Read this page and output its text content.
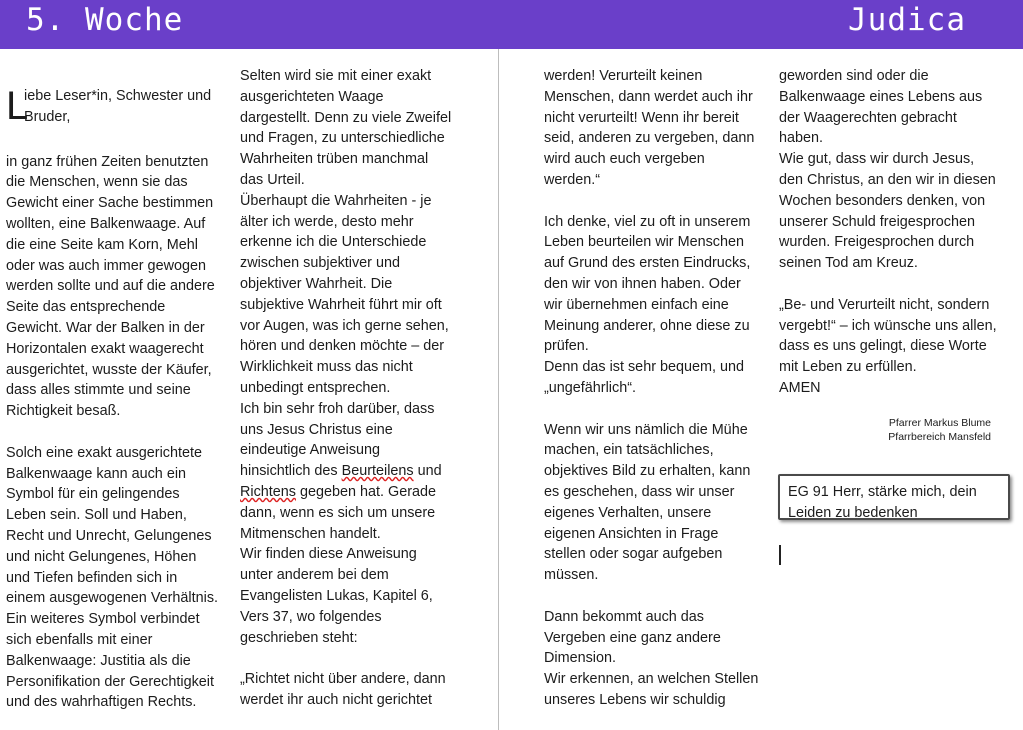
5. Woche	Judica
L
iebe Leser*in, Schwester und Bruder,

in ganz frühen Zeiten benutzten

die Menschen, wenn sie das

Gewicht einer Sache bestimmen

wollten, eine Balkenwaage. Auf

die eine Seite kam Korn, Mehl

oder was auch immer gewogen

werden sollte und auf die andere

Seite das entsprechende

Gewicht. War der Balken in der

Horizontalen exakt waagerecht

ausgerichtet, wusste der Käufer,

dass alles stimmte und seine

Richtigkeit besaß.

Solch eine exakt ausgerichtete

Balkenwaage kann auch ein

Symbol für ein gelingendes

Leben sein. Soll und Haben,

Recht und Unrecht, Gelungenes

und nicht Gelungenes, Höhen

und Tiefen befinden sich in

einem ausgewogenen Verhältnis.

Ein weiteres Symbol verbindet

sich ebenfalls mit einer

Balkenwaage: Justitia als die

Personifikation der Gerechtigkeit

und des wahrhaftigen Rechts.

Selten wird sie mit einer exakt

ausgerichteten Waage

dargestellt. Denn zu viele Zweifel

und Fragen, zu unterschiedliche

Wahrheiten trüben manchmal

das Urteil.

Überhaupt die Wahrheiten - je

älter ich werde, desto mehr

erkenne ich die Unterschiede

zwischen subjektiver und

objektiver Wahrheit. Die

subjektive Wahrheit führt mir oft

vor Augen, was ich gerne sehen,

hören und denken möchte – der

Wirklichkeit muss das nicht

unbedingt entsprechen.

Ich bin sehr froh darüber, dass

uns Jesus Christus eine

eindeutige Anweisung

hinsichtlich des Beurteilens und

Richtens gegeben hat. Gerade

dann, wenn es sich um unsere

Mitmenschen handelt.

Wir finden diese Anweisung

unter anderem bei dem

Evangelisten Lukas, Kapitel 6,

Vers 37, wo folgendes

geschrieben steht:

„Richtet nicht über andere, dann

werdet ihr auch nicht gerichtet

werden! Verurteilt keinen

Menschen, dann werdet auch ihr

nicht verurteilt! Wenn ihr bereit

seid, anderen zu vergeben, dann

wird auch euch vergeben

werden.“

Ich denke, viel zu oft in unserem

Leben beurteilen wir Menschen

auf Grund des ersten Eindrucks,

den wir von ihnen haben. Oder

wir übernehmen einfach eine

Meinung anderer, ohne diese zu

prüfen.

Denn das ist sehr bequem, und

„ungefährlich“.

Wenn wir uns nämlich die Mühe

machen, ein tatsächliches,

objektives Bild zu erhalten, kann

es geschehen, dass wir unser

eigenes Verhalten, unsere

eigenen Ansichten in Frage

stellen oder sogar aufgeben

müssen.

Dann bekommt auch das

Vergeben eine ganz andere

Dimension.

Wir erkennen, an welchen Stellen

unseres Lebens wir schuldig

geworden sind oder die

Balkenwaage eines Lebens aus

der Waagerechten gebracht

haben.

Wie gut, dass wir durch Jesus,

den Christus, an den wir in diesen

Wochen besonders denken, von

unserer Schuld freigesprochen

wurden. Freigesprochen durch

seinen Tod am Kreuz.

„Be- und Verurteilt nicht, sondern

vergebt!“ – ich wünsche uns allen,

dass es uns gelingt, diese Worte

mit Leben zu erfüllen.

AMEN

Pfarrer Markus Blume
Pfarrbereich Mansfeld
EG 91 Herr, stärke mich, dein Leiden zu bedenken
